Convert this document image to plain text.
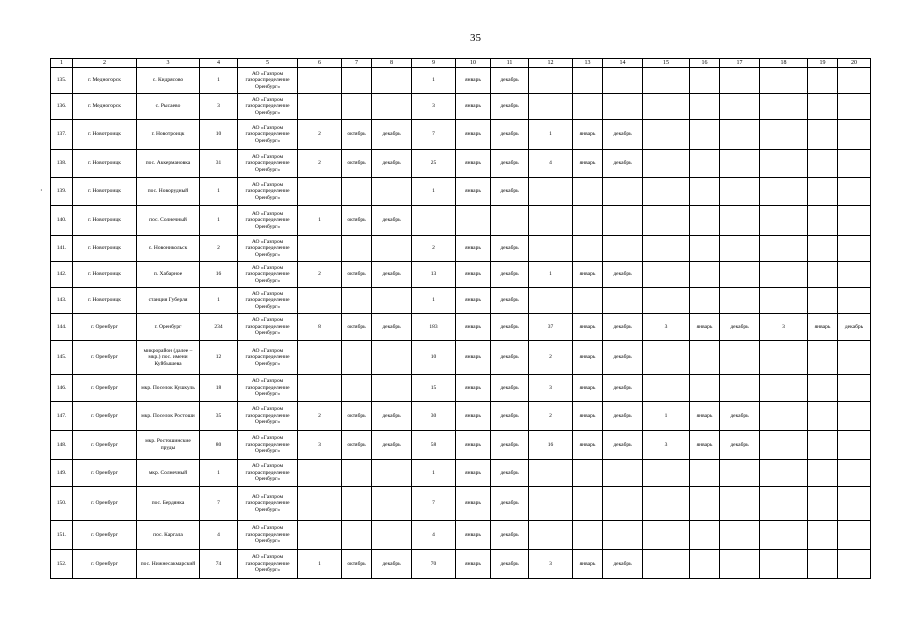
35
·
1	2	3	4	5	6	7	8	9	10	11	12	13	14	15	16	17	18	19	20
135.	г. Медногорск	с. Кидрясово	1	АО «Газпром газораспределение Оренбург»				1	январь	декабрь									
136.	г. Медногорск	с. Рысаево	3	АО «Газпром газораспределение Оренбург»				3	январь	декабрь									
137.	г. Новотроицк	г. Новотроицк	10	АО «Газпром газораспределение Оренбург»	2	октябрь	декабрь	7	январь	декабрь	1	январь	декабрь						
138.	г. Новотроицк	пос. Аккермановка	31	АО «Газпром газораспределение Оренбург»	2	октябрь	декабрь	25	январь	декабрь	4	январь	декабрь						
139.	г. Новотроицк	пос. Новорудный	1	АО «Газпром газораспределение Оренбург»				1	январь	декабрь									
140.	г. Новотроицк	пос. Солнечный	1	АО «Газпром газораспределение Оренбург»	1	октябрь	декабрь												
141.	г. Новотроицк	с. Новоникольск	2	АО «Газпром газораспределение Оренбург»				2	январь	декабрь									
142.	г. Новотроицк	п. Хабарное	16	АО «Газпром газораспределение Оренбург»	2	октябрь	декабрь	13	январь	декабрь	1	январь	декабрь						
143.	г. Новотроицк	станция Губерля	1	АО «Газпром газораспределение Оренбург»				1	январь	декабрь									
144.	г. Оренбург	г. Оренбург	234	АО «Газпром газораспределение Оренбург»	8	октябрь	декабрь	183	январь	декабрь	37	январь	декабрь	3	январь	декабрь	3	январь	декабрь
145.	г. Оренбург	микрорайон (далее – мкр.) пос. имени Куйбышева	12	АО «Газпром газораспределение Оренбург»				10	январь	декабрь	2	январь	декабрь						
146.	г. Оренбург	мкр. Поселок Кушкуль	18	АО «Газпром газораспределение Оренбург»				15	январь	декабрь	3	январь	декабрь						
147.	г. Оренбург	мкр. Поселок Ростоши	35	АО «Газпром газораспределение Оренбург»	2	октябрь	декабрь	30	январь	декабрь	2	январь	декабрь	1	январь	декабрь			
148.	г. Оренбург	мкр. Ростошинские пруды	80	АО «Газпром газораспределение Оренбург»	3	октябрь	декабрь	58	январь	декабрь	16	январь	декабрь	3	январь	декабрь			
149.	г. Оренбург	мкр. Солнечный	1	АО «Газпром газораспределение Оренбург»				1	январь	декабрь									
150.	г. Оренбург	пос. Бердянка	7	АО «Газпром газораспределение Оренбург»				7	январь	декабрь									
151.	г. Оренбург	пос. Каргала	4	АО «Газпром газораспределение Оренбург»				4	январь	декабрь									
152.	г. Оренбург	пос. Нижнесакмарский	74	АО «Газпром газораспределение Оренбург»	1	октябрь	декабрь	70	январь	декабрь	3	январь	декабрь						
